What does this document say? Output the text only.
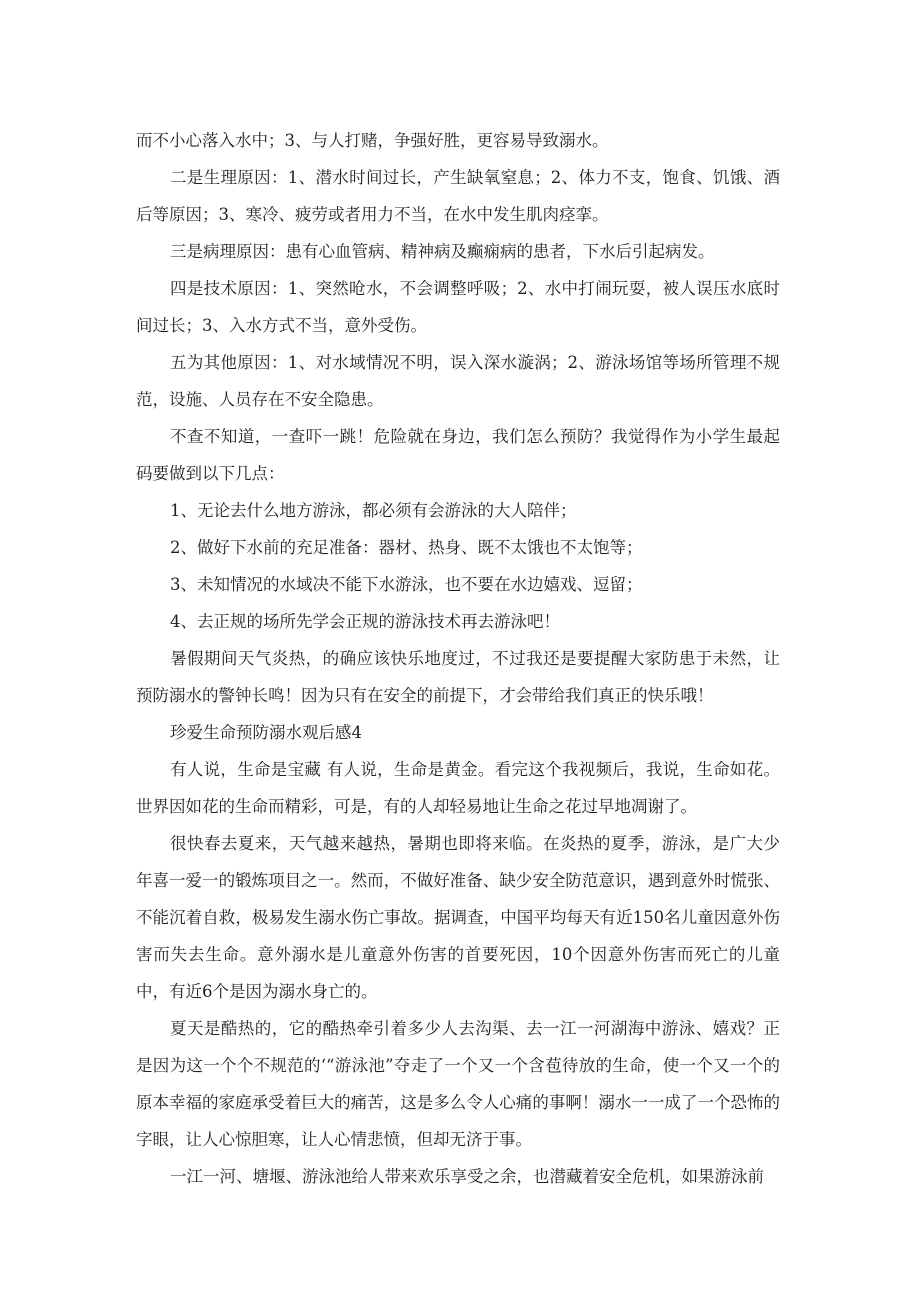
而不小心落入水中；3、与人打赌，争强好胜，更容易导致溺水。

二是生理原因：1、潜水时间过长，产生缺氧窒息；2、体力不支，饱食、饥饿、酒后等原因；3、寒冷、疲劳或者用力不当，在水中发生肌肉痉挛。

三是病理原因：患有心血管病、精神病及癫痫病的患者，下水后引起病发。

四是技术原因：1、突然呛水，不会调整呼吸；2、水中打闹玩耍，被人误压水底时间过长；3、入水方式不当，意外受伤。

五为其他原因：1、对水域情况不明，误入深水漩涡；2、游泳场馆等场所管理不规范，设施、人员存在不安全隐患。

不查不知道，一查吓一跳！危险就在身边，我们怎么预防？我觉得作为小学生最起码要做到以下几点：

1、无论去什么地方游泳，都必须有会游泳的大人陪伴；

2、做好下水前的充足准备：器材、热身、既不太饿也不太饱等；

3、未知情况的水域决不能下水游泳，也不要在水边嬉戏、逗留；

4、去正规的场所先学会正规的游泳技术再去游泳吧！

暑假期间天气炎热，的确应该快乐地度过，不过我还是要提醒大家防患于未然，让预防溺水的警钟长鸣！因为只有在安全的前提下，才会带给我们真正的快乐哦！

珍爱生命预防溺水观后感4

有人说，生命是宝藏 有人说，生命是黄金。看完这个我视频后，我说，生命如花。世界因如花的生命而精彩，可是，有的人却轻易地让生命之花过早地凋谢了。

很快春去夏来，天气越来越热，暑期也即将来临。在炎热的夏季，游泳，是广大少年喜一爱一的锻炼项目之一。然而，不做好准备、缺少安全防范意识，遇到意外时慌张、不能沉着自救，极易发生溺水伤亡事故。据调查，中国平均每天有近150名儿童因意外伤害而失去生命。意外溺水是儿童意外伤害的首要死因，10个因意外伤害而死亡的儿童中，有近6个是因为溺水身亡的。

夏天是酷热的，它的酷热牵引着多少人去沟渠、去一江一河湖海中游泳、嬉戏？正是因为这一个个不规范的‘“游泳池”夺走了一个又一个含苞待放的生命，使一个又一个的原本幸福的家庭承受着巨大的痛苦，这是多么令人心痛的事啊！溺水一一成了一个恐怖的字眼，让人心惊胆寒，让人心情悲愤，但却无济于事。

一江一河、塘堰、游泳池给人带来欢乐享受之余，也潜藏着安全危机，如果游泳前
